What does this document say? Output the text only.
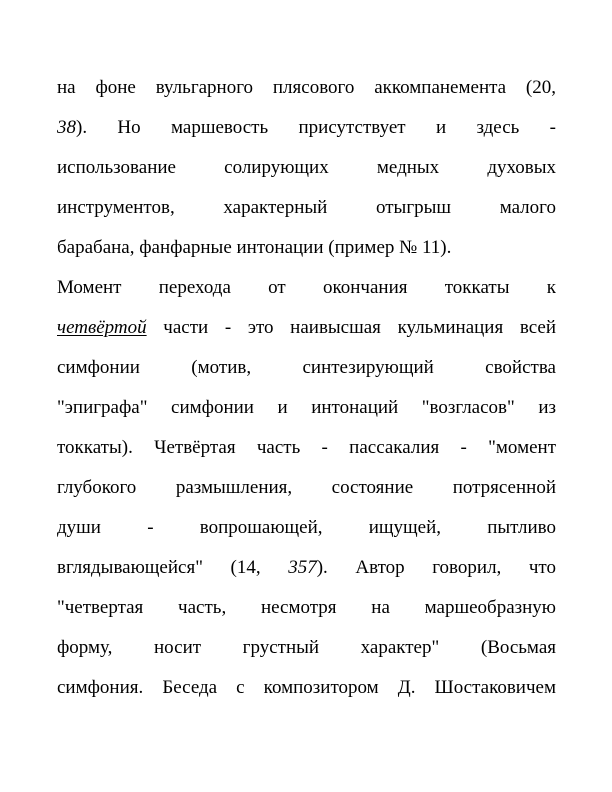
на фоне вульгарного плясового аккомпанемента (20,
38). Но маршевость присутствует и здесь -
использование солирующих медных духовых
инструментов, характерный отыгрыш малого
барабана, фанфарные интонации (пример № 11).
Момент перехода от окончания токкаты к
четвёртой части - это наивысшая кульминация всей
симфонии (мотив, синтезирующий свойства
"эпиграфа" симфонии и интонаций "возгласов" из
токкаты). Четвёртая часть - пассакалия - "момент
глубокого размышления, состояние потрясенной
души - вопрошающей, ищущей, пытливо
вглядывающейся" (14, 357). Автор говорил, что
"четвертая часть, несмотря на маршеобразную
форму, носит грустный характер" (Восьмая
симфония. Беседа с композитором Д. Шостаковичем
